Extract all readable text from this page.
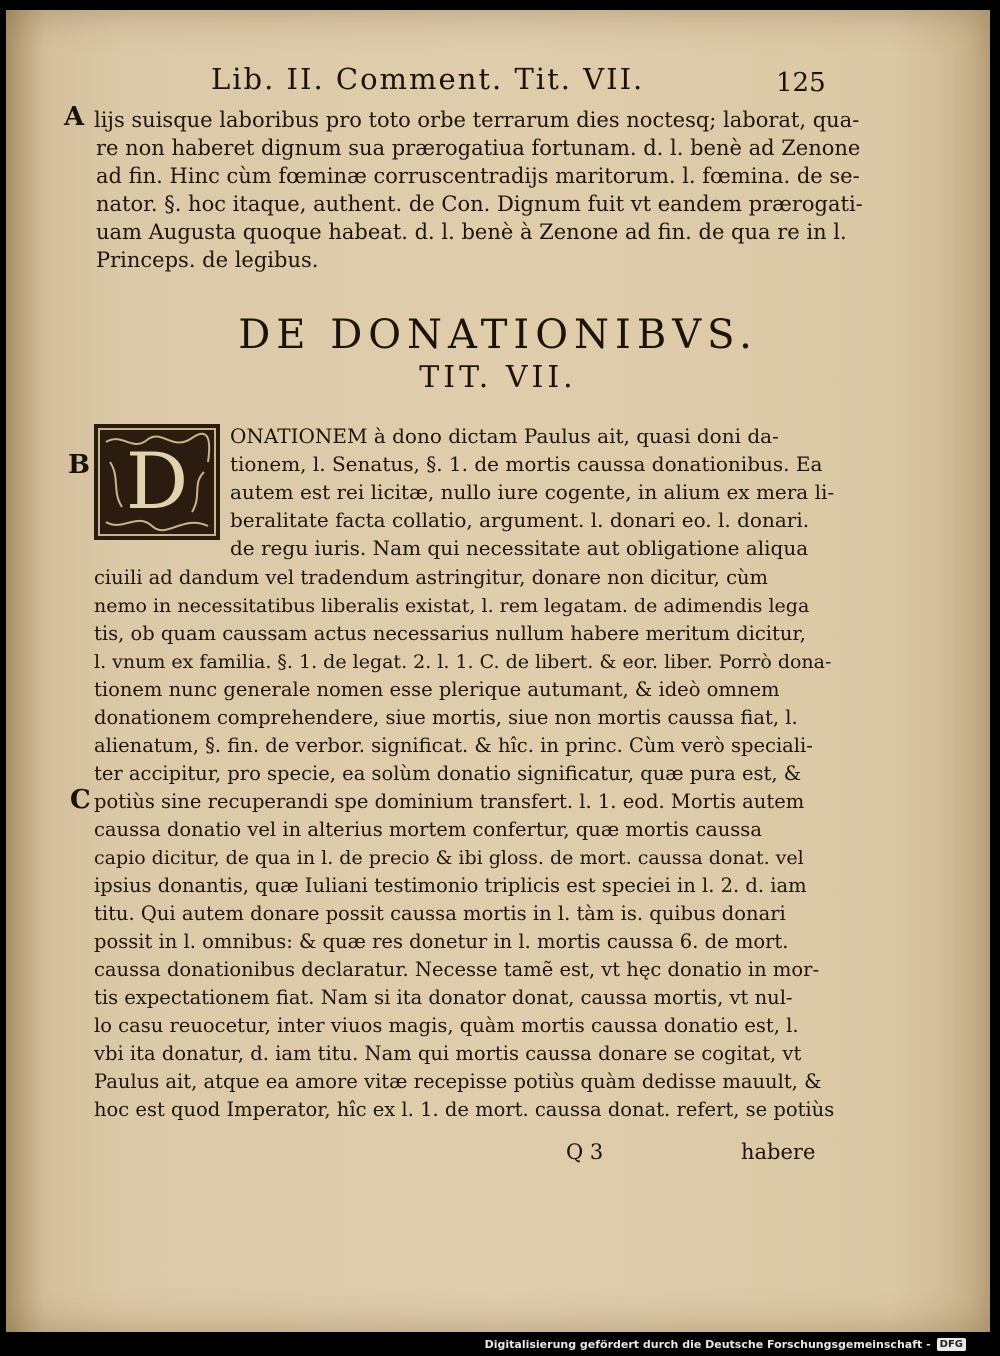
Lib. II. Comment. Tit. VII.	125
A lijs suisque laboribus pro toto orbe terrarum dies noctesq; laborat, qua-
re non haberet dignum sua prærogatiua fortunam. d. l. benè ad Zenone
ad fin. Hinc cùm fœminæ corruscentradijs maritorum. l. fœmina. de se-
nator. §. hoc itaque, authent. de Con. Dignum fuit vt eandem prærogati-
uam Augusta quoque habeat. d. l. benè à Zenone ad fin. de qua re in l.
Princeps. de legibus.
DE DONATIONIBVS.
TIT. VII.
D
B
C
ONATIONEM à dono dictam Paulus ait, quasi doni da-
tionem, l. Senatus, §. 1. de mortis caussa donationibus. Ea
autem est rei licitæ, nullo iure cogente, in alium ex mera li-
beralitate facta collatio, argument. l. donari eo. l. donari.
de regu iuris. Nam qui necessitate aut obligatione aliqua
ciuili ad dandum vel tradendum astringitur, donare non dicitur, cùm
nemo in necessitatibus liberalis existat, l. rem legatam. de adimendis lega
tis, ob quam caussam actus necessarius nullum habere meritum dicitur,
l. vnum ex familia. §. 1. de legat. 2. l. 1. C. de libert. & eor. liber. Porrò dona-
tionem nunc generale nomen esse plerique autumant, & ideò omnem
donationem comprehendere, siue mortis, siue non mortis caussa fiat, l.
alienatum, §. fin. de verbor. significat. & hîc. in princ. Cùm verò speciali-
ter accipitur, pro specie, ea solùm donatio significatur, quæ pura est, &
potiùs sine recuperandi spe dominium transfert. l. 1. eod. Mortis autem
caussa donatio vel in alterius mortem confertur, quæ mortis caussa
capio dicitur, de qua in l. de precio & ibi gloss. de mort. caussa donat. vel
ipsius donantis, quæ Iuliani testimonio triplicis est speciei in l. 2. d. iam
titu. Qui autem donare possit caussa mortis in l. tàm is. quibus donari
possit in l. omnibus: & quæ res donetur in l. mortis caussa 6. de mort.
caussa donationibus declaratur. Necesse tamẽ est, vt hęc donatio in mor-
tis expectationem fiat. Nam si ita donator donat, caussa mortis, vt nul-
lo casu reuocetur, inter viuos magis, quàm mortis caussa donatio est, l.
vbi ita donatur, d. iam titu. Nam qui mortis caussa donare se cogitat, vt
Paulus ait, atque ea amore vitæ recepisse potiùs quàm dedisse mauult, &
hoc est quod Imperator, hîc ex l. 1. de mort. caussa donat. refert, se potiùs
Q 3	habere
Digitalisierung gefördert durch die Deutsche Forschungsgemeinschaft - DFG
